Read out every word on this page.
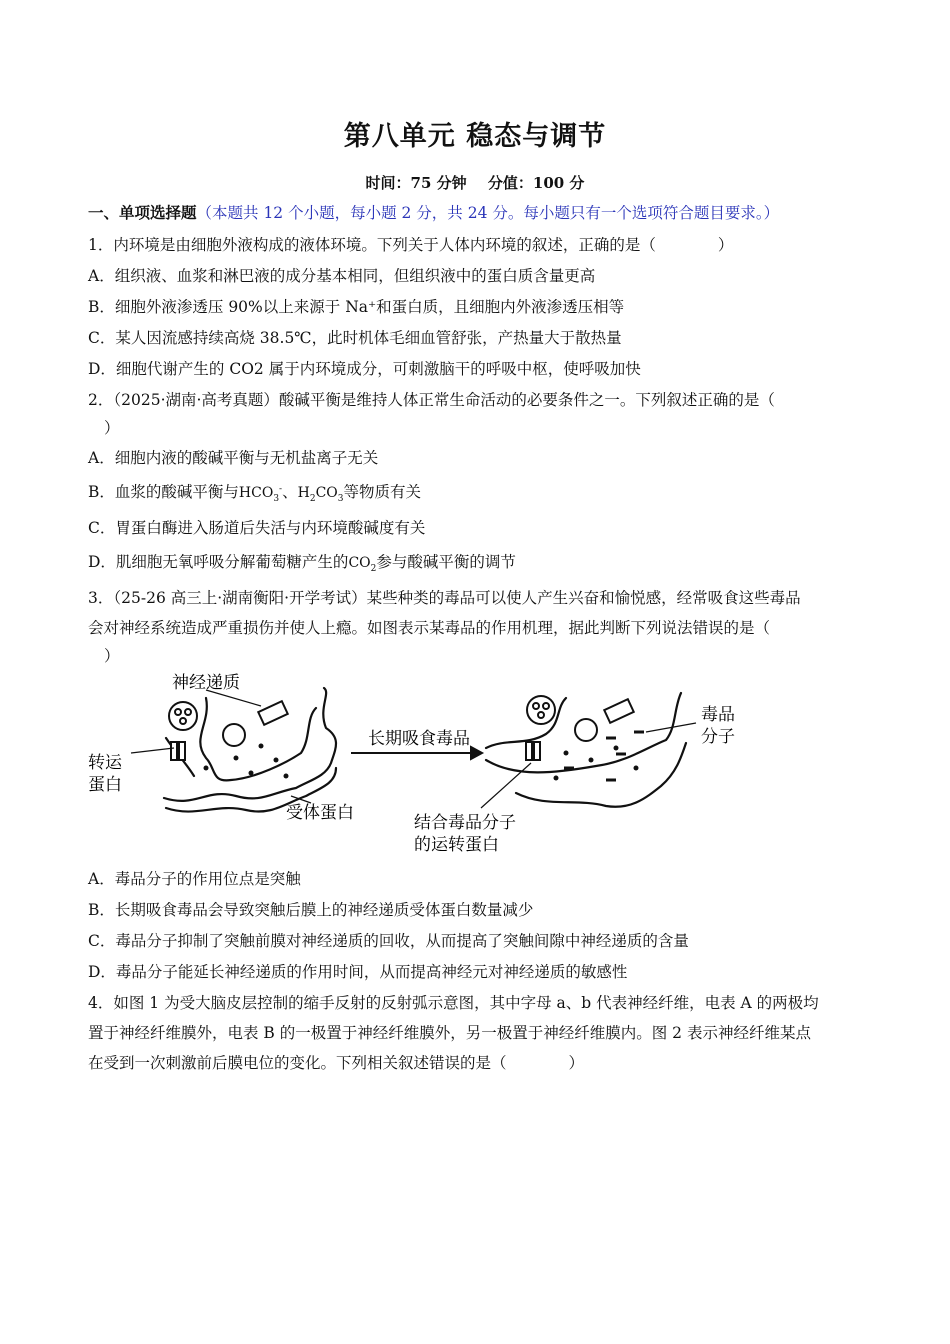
第八单元 稳态与调节
时间：75 分钟 分值：100 分
一、单项选择题（本题共 12 个小题，每小题 2 分，共 24 分。每小题只有一个选项符合题目要求。）
1．内环境是由细胞外液构成的液体环境。下列关于人体内环境的叙述，正确的是（　　　　）
A．组织液、血浆和淋巴液的成分基本相同，但组织液中的蛋白质含量更高
B．细胞外液渗透压 90%以上来源于 Na⁺和蛋白质，且细胞内外液渗透压相等
C．某人因流感持续高烧 38.5℃，此时机体毛细血管舒张，产热量大于散热量
D．细胞代谢产生的 CO2 属于内环境成分，可刺激脑干的呼吸中枢，使呼吸加快
2．（2025·湖南·高考真题）酸碱平衡是维持人体正常生命活动的必要条件之一。下列叙述正确的是（
）
A．细胞内液的酸碱平衡与无机盐离子无关
B．血浆的酸碱平衡与$HCO_3^-$、$H_2CO_3$等物质有关
C．胃蛋白酶进入肠道后失活与内环境酸碱度有关
D．肌细胞无氧呼吸分解葡萄糖产生的$CO_2$参与酸碱平衡的调节
3．（25-26 高三上·湖南衡阳·开学考试）某些种类的毒品可以使人产生兴奋和愉悦感，经常吸食这些毒品
会对神经系统造成严重损伤并使人上瘾。如图表示某毒品的作用机理，据此判断下列说法错误的是（
）
神经递质
转运
蛋白
长期吸食毒品
受体蛋白
毒品
分子
结合毒品分子
的运转蛋白
A．毒品分子的作用位点是突触
B．长期吸食毒品会导致突触后膜上的神经递质受体蛋白数量减少
C．毒品分子抑制了突触前膜对神经递质的回收，从而提高了突触间隙中神经递质的含量
D．毒品分子能延长神经递质的作用时间，从而提高神经元对神经递质的敏感性
4．如图 1 为受大脑皮层控制的缩手反射的反射弧示意图，其中字母 a、b 代表神经纤维，电表 A 的两极均
置于神经纤维膜外，电表 B 的一极置于神经纤维膜外，另一极置于神经纤维膜内。图 2 表示神经纤维某点
在受到一次刺激前后膜电位的变化。下列相关叙述错误的是（　　　　）
